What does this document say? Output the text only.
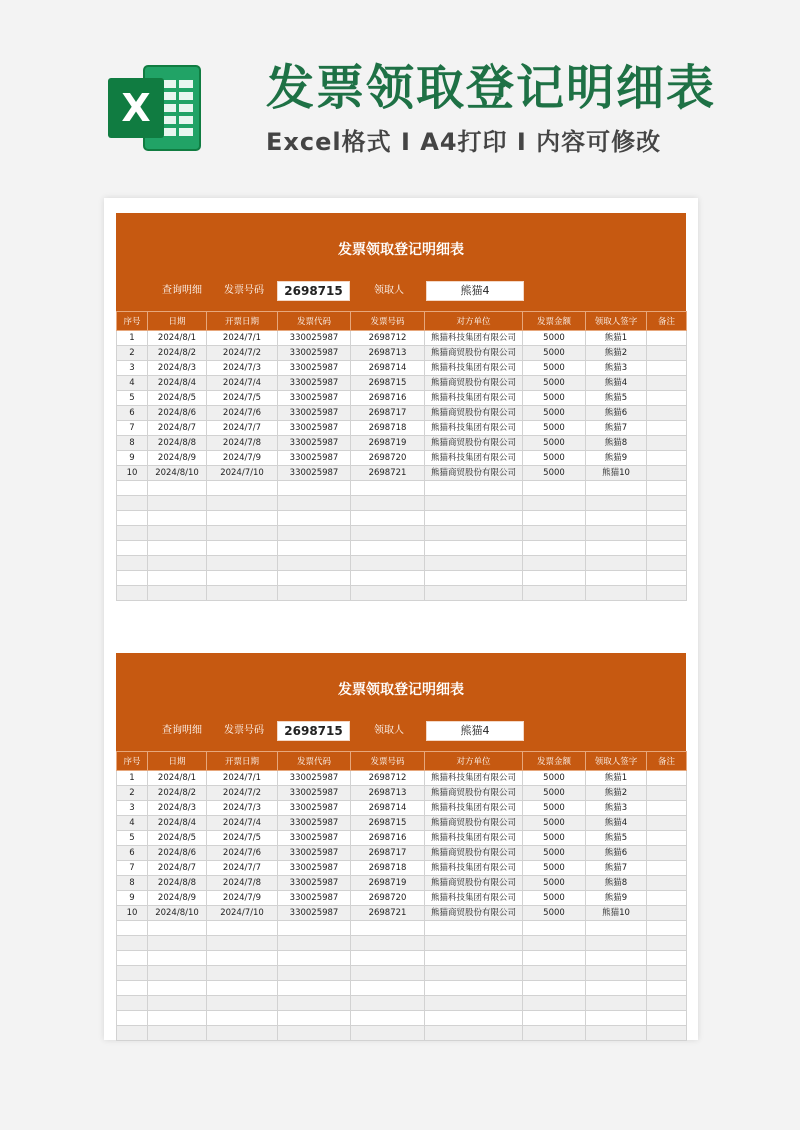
X 发票领取登记明细表
Excel格式 I A4打印 I 内容可修改
发票领取登记明细表
查询明细 发票号码	2698715	领取人	熊猫4
序号	日期	开票日期	发票代码	发票号码	对方单位	发票金额	领取人签字	备注
1	2024/8/1	2024/7/1	330025987	2698712	熊猫科技集团有限公司	5000	熊猫1	
2	2024/8/2	2024/7/2	330025987	2698713	熊猫商贸股份有限公司	5000	熊猫2	
3	2024/8/3	2024/7/3	330025987	2698714	熊猫科技集团有限公司	5000	熊猫3	
4	2024/8/4	2024/7/4	330025987	2698715	熊猫商贸股份有限公司	5000	熊猫4	
5	2024/8/5	2024/7/5	330025987	2698716	熊猫科技集团有限公司	5000	熊猫5	
6	2024/8/6	2024/7/6	330025987	2698717	熊猫商贸股份有限公司	5000	熊猫6	
7	2024/8/7	2024/7/7	330025987	2698718	熊猫科技集团有限公司	5000	熊猫7	
8	2024/8/8	2024/7/8	330025987	2698719	熊猫商贸股份有限公司	5000	熊猫8	
9	2024/8/9	2024/7/9	330025987	2698720	熊猫科技集团有限公司	5000	熊猫9	
10	2024/8/10	2024/7/10	330025987	2698721	熊猫商贸股份有限公司	5000	熊猫10	

发票领取登记明细表
查询明细 发票号码	2698715	领取人	熊猫4
序号	日期	开票日期	发票代码	发票号码	对方单位	发票金额	领取人签字	备注
1	2024/8/1	2024/7/1	330025987	2698712	熊猫科技集团有限公司	5000	熊猫1	
2	2024/8/2	2024/7/2	330025987	2698713	熊猫商贸股份有限公司	5000	熊猫2	
3	2024/8/3	2024/7/3	330025987	2698714	熊猫科技集团有限公司	5000	熊猫3	
4	2024/8/4	2024/7/4	330025987	2698715	熊猫商贸股份有限公司	5000	熊猫4	
5	2024/8/5	2024/7/5	330025987	2698716	熊猫科技集团有限公司	5000	熊猫5	
6	2024/8/6	2024/7/6	330025987	2698717	熊猫商贸股份有限公司	5000	熊猫6	
7	2024/8/7	2024/7/7	330025987	2698718	熊猫科技集团有限公司	5000	熊猫7	
8	2024/8/8	2024/7/8	330025987	2698719	熊猫商贸股份有限公司	5000	熊猫8	
9	2024/8/9	2024/7/9	330025987	2698720	熊猫科技集团有限公司	5000	熊猫9	
10	2024/8/10	2024/7/10	330025987	2698721	熊猫商贸股份有限公司	5000	熊猫10	
